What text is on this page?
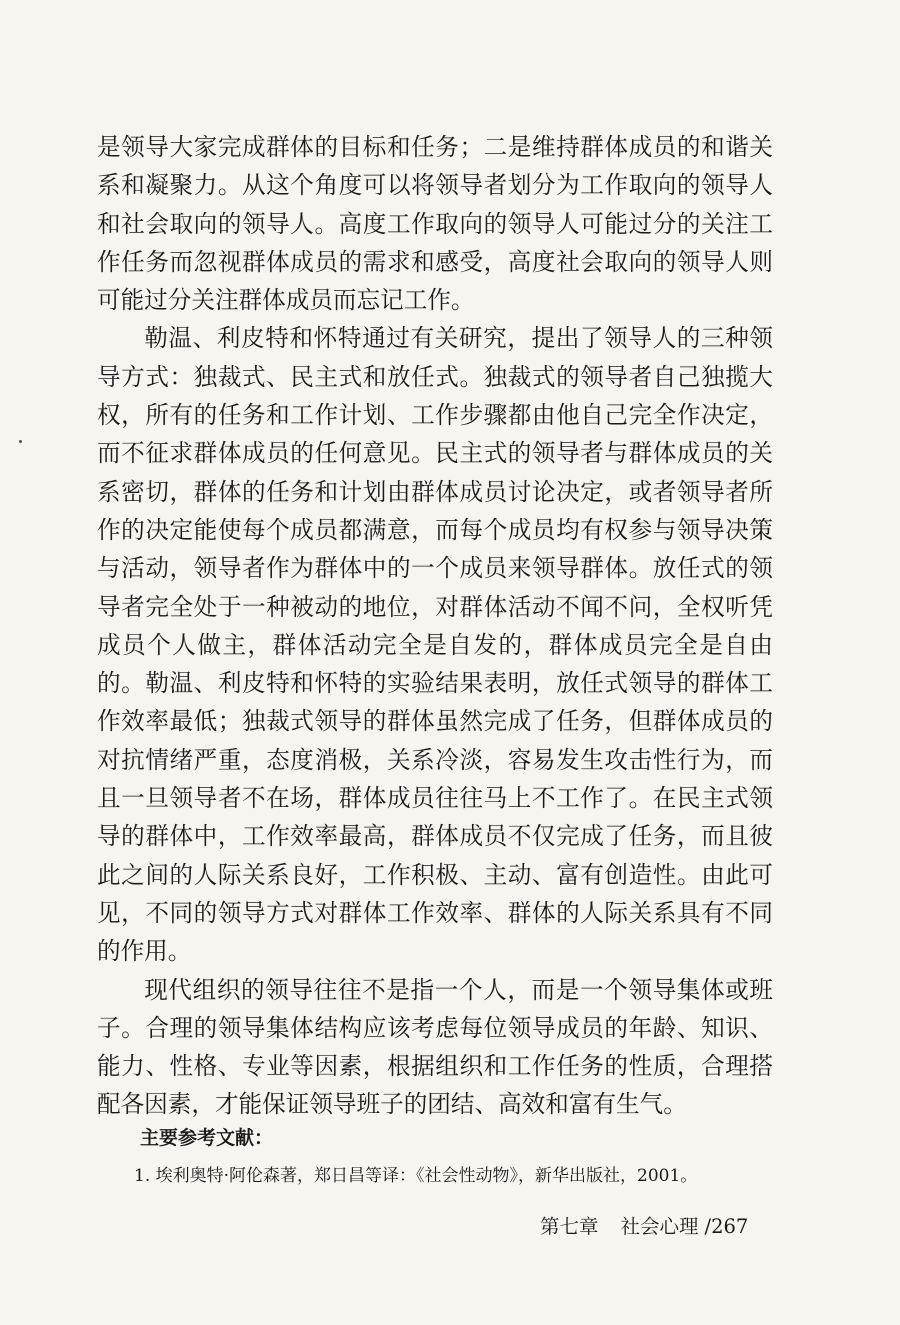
是领导大家完成群体的目标和任务；二是维持群体成员的和谐关系和凝聚力。从这个角度可以将领导者划分为工作取向的领导人和社会取向的领导人。高度工作取向的领导人可能过分的关注工作任务而忽视群体成员的需求和感受，高度社会取向的领导人则可能过分关注群体成员而忘记工作。

勒温、利皮特和怀特通过有关研究，提出了领导人的三种领导方式：独裁式、民主式和放任式。独裁式的领导者自己独揽大权，所有的任务和工作计划、工作步骤都由他自己完全作决定，而不征求群体成员的任何意见。民主式的领导者与群体成员的关系密切，群体的任务和计划由群体成员讨论决定，或者领导者所作的决定能使每个成员都满意，而每个成员均有权参与领导决策与活动，领导者作为群体中的一个成员来领导群体。放任式的领导者完全处于一种被动的地位，对群体活动不闻不问，全权听凭成员个人做主，群体活动完全是自发的，群体成员完全是自由的。勒温、利皮特和怀特的实验结果表明，放任式领导的群体工作效率最低；独裁式领导的群体虽然完成了任务，但群体成员的对抗情绪严重，态度消极，关系冷淡，容易发生攻击性行为，而且一旦领导者不在场，群体成员往往马上不工作了。在民主式领导的群体中，工作效率最高，群体成员不仅完成了任务，而且彼此之间的人际关系良好，工作积极、主动、富有创造性。由此可见，不同的领导方式对群体工作效率、群体的人际关系具有不同的作用。

现代组织的领导往往不是指一个人，而是一个领导集体或班子。合理的领导集体结构应该考虑每位领导成员的年龄、知识、能力、性格、专业等因素，根据组织和工作任务的性质，合理搭配各因素，才能保证领导班子的团结、高效和富有生气。

主要参考文献：
1. 埃利奥特·阿伦森著，郑日昌等译：《社会性动物》，新华出版社，2001。
第七章 社会心理 /267
